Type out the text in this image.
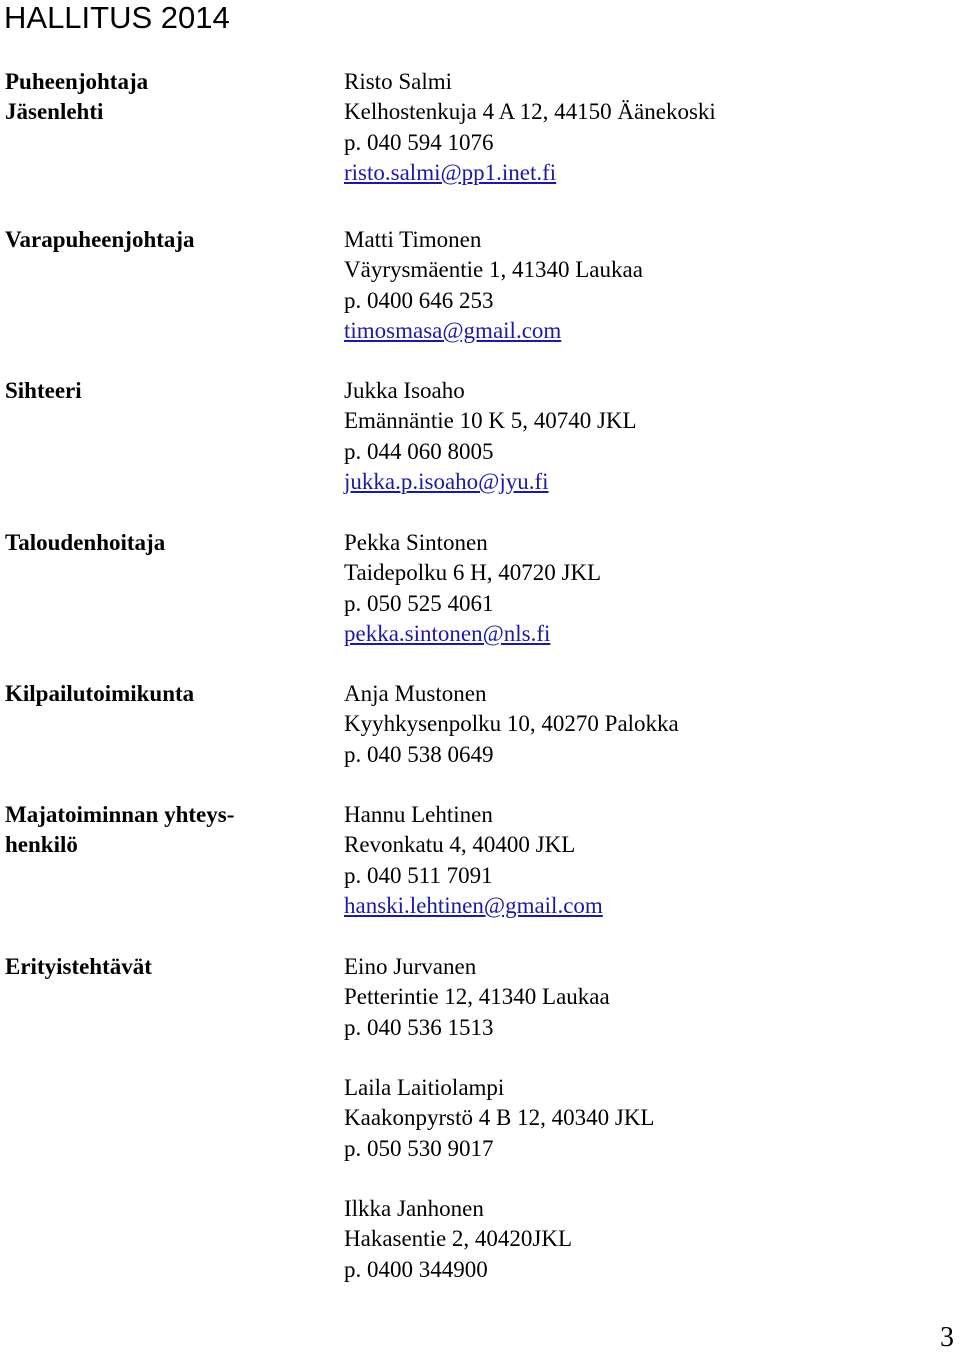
HALLITUS 2014
Puheenjohtaja
Jäsenlehti
Varapuheenjohtaja
Sihteeri
Taloudenhoitaja
Kilpailutoimikunta
Majatoiminnan yhteys-
henkilö
Erityistehtävät
Risto Salmi
Kelhostenkuja 4 A 12, 44150 Äänekoski
p. 040 594 1076
risto.salmi@pp1.inet.fi
Matti Timonen
Väyrysmäentie 1, 41340 Laukaa
p. 0400 646 253
timosmasa@gmail.com
Jukka Isoaho
Emännäntie 10 K 5, 40740 JKL
p. 044 060 8005
jukka.p.isoaho@jyu.fi
Pekka Sintonen
Taidepolku 6 H, 40720 JKL
p. 050 525 4061
pekka.sintonen@nls.fi
Anja Mustonen
Kyyhkysenpolku 10, 40270 Palokka
p. 040 538 0649
Hannu Lehtinen
Revonkatu 4, 40400 JKL
p. 040 511 7091
hanski.lehtinen@gmail.com
Eino Jurvanen
Petterintie 12, 41340 Laukaa
p. 040 536 1513
Laila Laitiolampi
Kaakonpyrstö 4 B 12, 40340 JKL
p. 050 530 9017
Ilkka Janhonen
Hakasentie 2, 40420JKL
p. 0400 344900
3
